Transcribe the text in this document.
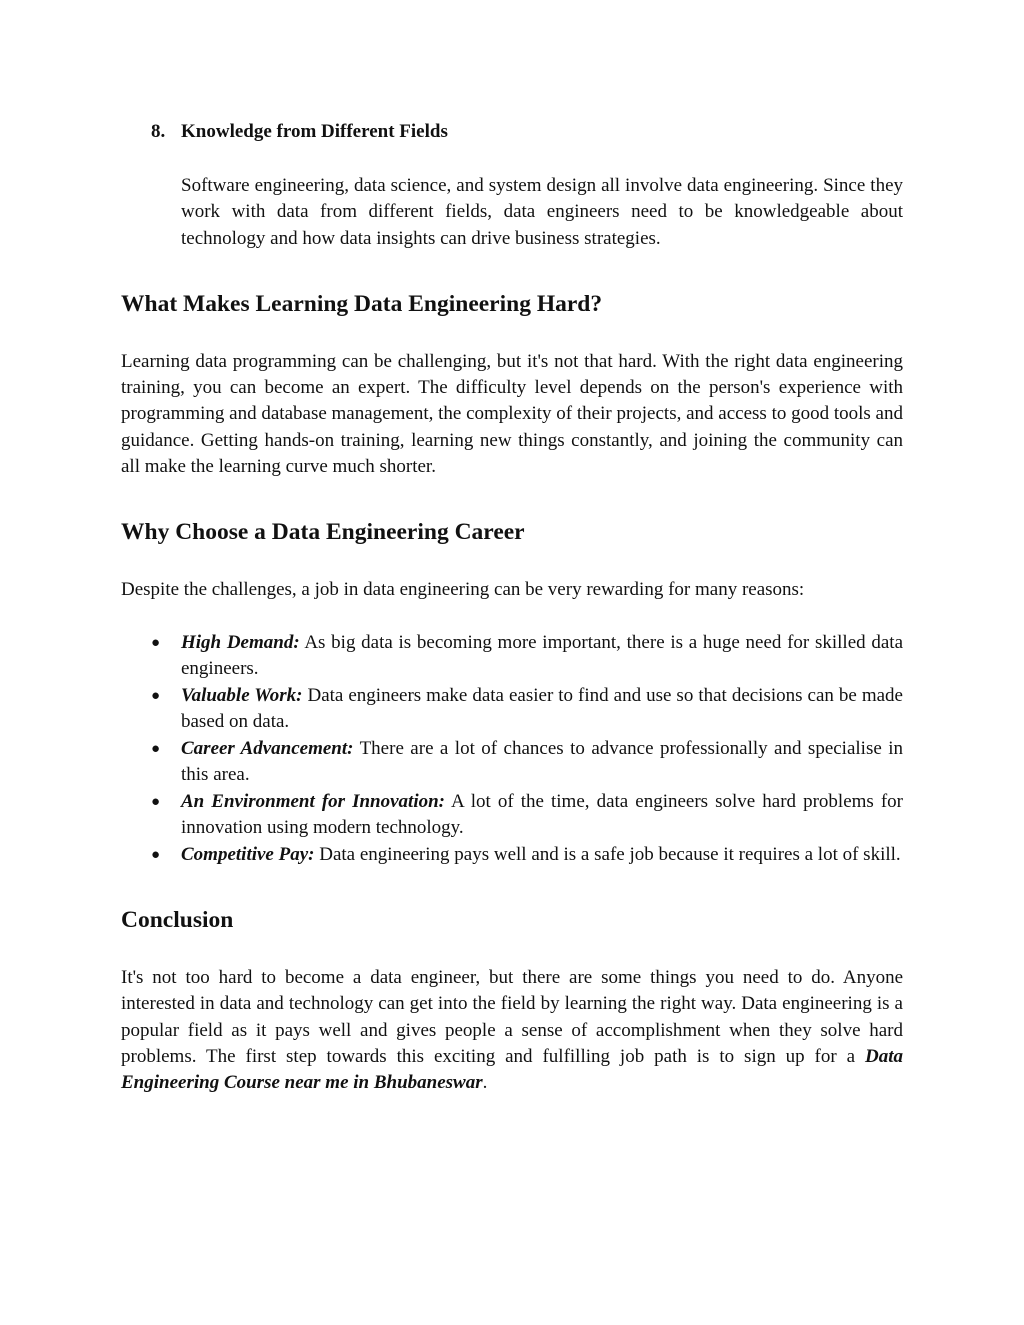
8. Knowledge from Different Fields

Software engineering, data science, and system design all involve data engineering. Since they work with data from different fields, data engineers need to be knowledgeable about technology and how data insights can drive business strategies.

What Makes Learning Data Engineering Hard?

Learning data programming can be challenging, but it's not that hard. With the right data engineering training, you can become an expert. The difficulty level depends on the person's experience with programming and database management, the complexity of their projects, and access to good tools and guidance. Getting hands-on training, learning new things constantly, and joining the community can all make the learning curve much shorter.

Why Choose a Data Engineering Career

Despite the challenges, a job in data engineering can be very rewarding for many reasons:

● High Demand: As big data is becoming more important, there is a huge need for skilled data engineers.
● Valuable Work: Data engineers make data easier to find and use so that decisions can be made based on data.
● Career Advancement: There are a lot of chances to advance professionally and specialise in this area.
● An Environment for Innovation: A lot of the time, data engineers solve hard problems for innovation using modern technology.
● Competitive Pay: Data engineering pays well and is a safe job because it requires a lot of skill.
Conclusion

It's not too hard to become a data engineer, but there are some things you need to do. Anyone interested in data and technology can get into the field by learning the right way. Data engineering is a popular field as it pays well and gives people a sense of accomplishment when they solve hard problems. The first step towards this exciting and fulfilling job path is to sign up for a Data Engineering Course near me in Bhubaneswar.
